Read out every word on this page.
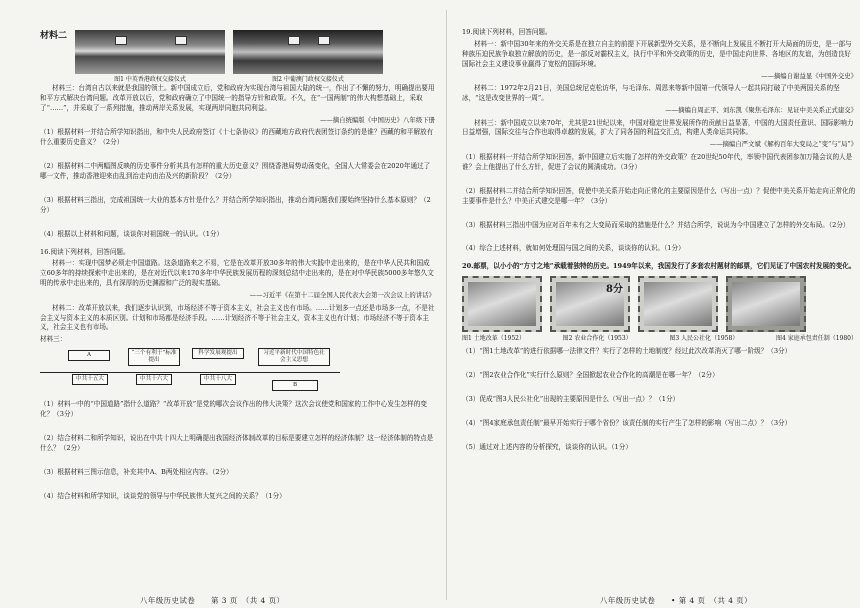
材料二
图1 中英香港政权交接仪式	图2 中葡澳门政权交接仪式

材料三：台湾自古以来就是我国的领土。新中国成立后，党和政府为实现台湾与祖国大陆的统一，作出了不懈的努力，明确提出要用和平方式解决台湾问题。改革开放以后，党和政府确立了中国统一的指导方针和政策。不久，在“一国两制”的伟大构想基础上，采取了“……”，并采取了一系列措施，推动两岸关系发展，实现两岸同胞共同利益。

——摘自统编版《中国历史》八年级下册

（1）根据材料一并结合所学知识指出，和中央人民政府签订《十七条协议》的西藏地方政府代表团签订条约的是谁？西藏的和平解放有什么重要历史意义？（2分）

（2）根据材料二中两幅图反映的历史事件分析其具有怎样的重大历史意义？围绕香港局势动荡变化，全国人大常委会在2020年通过了哪一文件，推动香港迎来由乱到治走向由治及兴的新阶段？（2分）

（3）根据材料三指出，完成祖国统一大业的基本方针是什么？并结合所学知识指出，推动台湾问题我们要始终坚持什么基本原则？（2分）

（4）根据以上材料和问题，谈谈你对祖国统一的认识。（1分）

16.阅读下列材料，回答问题。

材料一：实现中国梦必须走中国道路。这条道路来之不易，它是在改革开放30多年的伟大实践中走出来的，是在中华人民共和国成立60多年的持续探索中走出来的，是在对近代以来170多年中华民族发展历程的深刻总结中走出来的，是在对中华民族5000多年悠久文明的传承中走出来的，具有深厚的历史渊源和广泛的现实基础。

——习近平《在第十二届全国人民代表大会第一次会议上的讲话》

材料二：改革开放以来，我们逐步认识到，市场经济不等于资本主义，社会主义也有市场。……计划多一点还是市场多一点，不是社会主义与资本主义的本质区别。计划和市场都是经济手段。……计划经济不等于社会主义，资本主义也有计划；市场经济不等于资本主义，社会主义也有市场。

材料三：

A	“三个有利于”标准提出
科学发展观提出	习近平新时代中国特色社会主义思想
中共十五大	中共十六大	中共十八大
B

（1）材料一中的“中国道路”指什么道路？“改革开放”是党的哪次会议作出的伟大决策？这次会议使党和国家的工作中心发生怎样的变化？（3分）

（2）结合材料二和所学知识，说出在中共十四大上明确提出我国经济体制改革的目标是要建立怎样的经济体制？这一经济体制的特点是什么？（2分）

（3）根据材料三图示信息，补充其中A、B两处相应内容。（2分）

（4）结合材料和所学知识，谈谈党的领导与中华民族伟大复兴之间的关系？（1分）

19.阅读下列材料，回答问题。

材料一：新中国30年来的外交关系是在独立自主的前提下开展新型外交关系，是不断向上发展且不断打开大局面的历史，是一部与种族压迫民族争取独立解放的历史，是一部反对霸权主义，执行中平和外交政策的历史，是中国走向世界、各地区的友谊，为创造良好国际社会主义建设事业赢得了宽松的国际环境。

——摘编自谢益显《中国外交史》

材料二：1972年2月21日，美国总统尼克松访华，与毛泽东、周恩来等新中国第一代领导人一起共同打破了中美两国关系的坚冰，“这是改变世界的一周”。

——摘编自周正平、刘东凯《聚焦毛泽东：见证中美关系正式建交》

材料三：新中国成立以来70年，尤其是21世纪以来，中国对稳定世界发展所作的贡献日益显著，中国的大国责任意识、国际影响力日益增强，国际交往与合作也取得卓越的发展，扩大了同各国的利益交汇点，构建人类命运共同体。

——摘编自严文斌《解构百年大变局之“变”与“局”》

（1）根据材料一并结合所学知识回答，新中国建立后实施了怎样的外交政策？在20世纪50年代，率领中国代表团参加万隆会议的人是谁？会上他提出了什么方针，促进了会议的圆满成功。（3分）

（2）根据材料二并结合所学知识回答，促使中美关系开始走向正常化的主要原因是什么（写出一点）？促使中美关系开始走向正常化的主要事件是什么？中美正式建交是哪一年？（3分）

（3）根据材料三指出中国为应对百年未有之大变局而采取的措施是什么？并结合所学，说说为今中国建立了怎样的外交布局。（2分）

（4）综合上述材料，就如何处理国与国之间的关系，谈谈你的认识。（1分）

20.邮票，以小小的“方寸之地”承载着独特的历史。1949年以来，我国发行了多套农村题材的邮票，它们见证了中国农村发展的变化。

8分
图1 土地改革（1952）	图2 农业合作化（1953）	图3 人民公社化（1958）	图4 家庭承包责任制（1980）

（1）“图1土地改革”的进行依据哪一法律文件？实行了怎样的土地制度？经过此次改革消灭了哪一阶级？（3分）

（2）“图2农业合作化”实行什么原则？全国掀起农业合作化的高潮是在哪一年？（2分）

（3）促成“图3人民公社化”出现的主要原因是什么（写出一点）？（1分）

（4）“图4家庭承包责任制”最早开始实行于哪个省份？该责任制的实行产生了怎样的影响（写出二点）？（3分）

（5）通过对上述内容的分析探究，谈谈你的认识。（1分）

八年级历史试卷　　第 3 页　（共 4 页）	八年级历史试卷　　• 第 4 页　（共 4 页）
